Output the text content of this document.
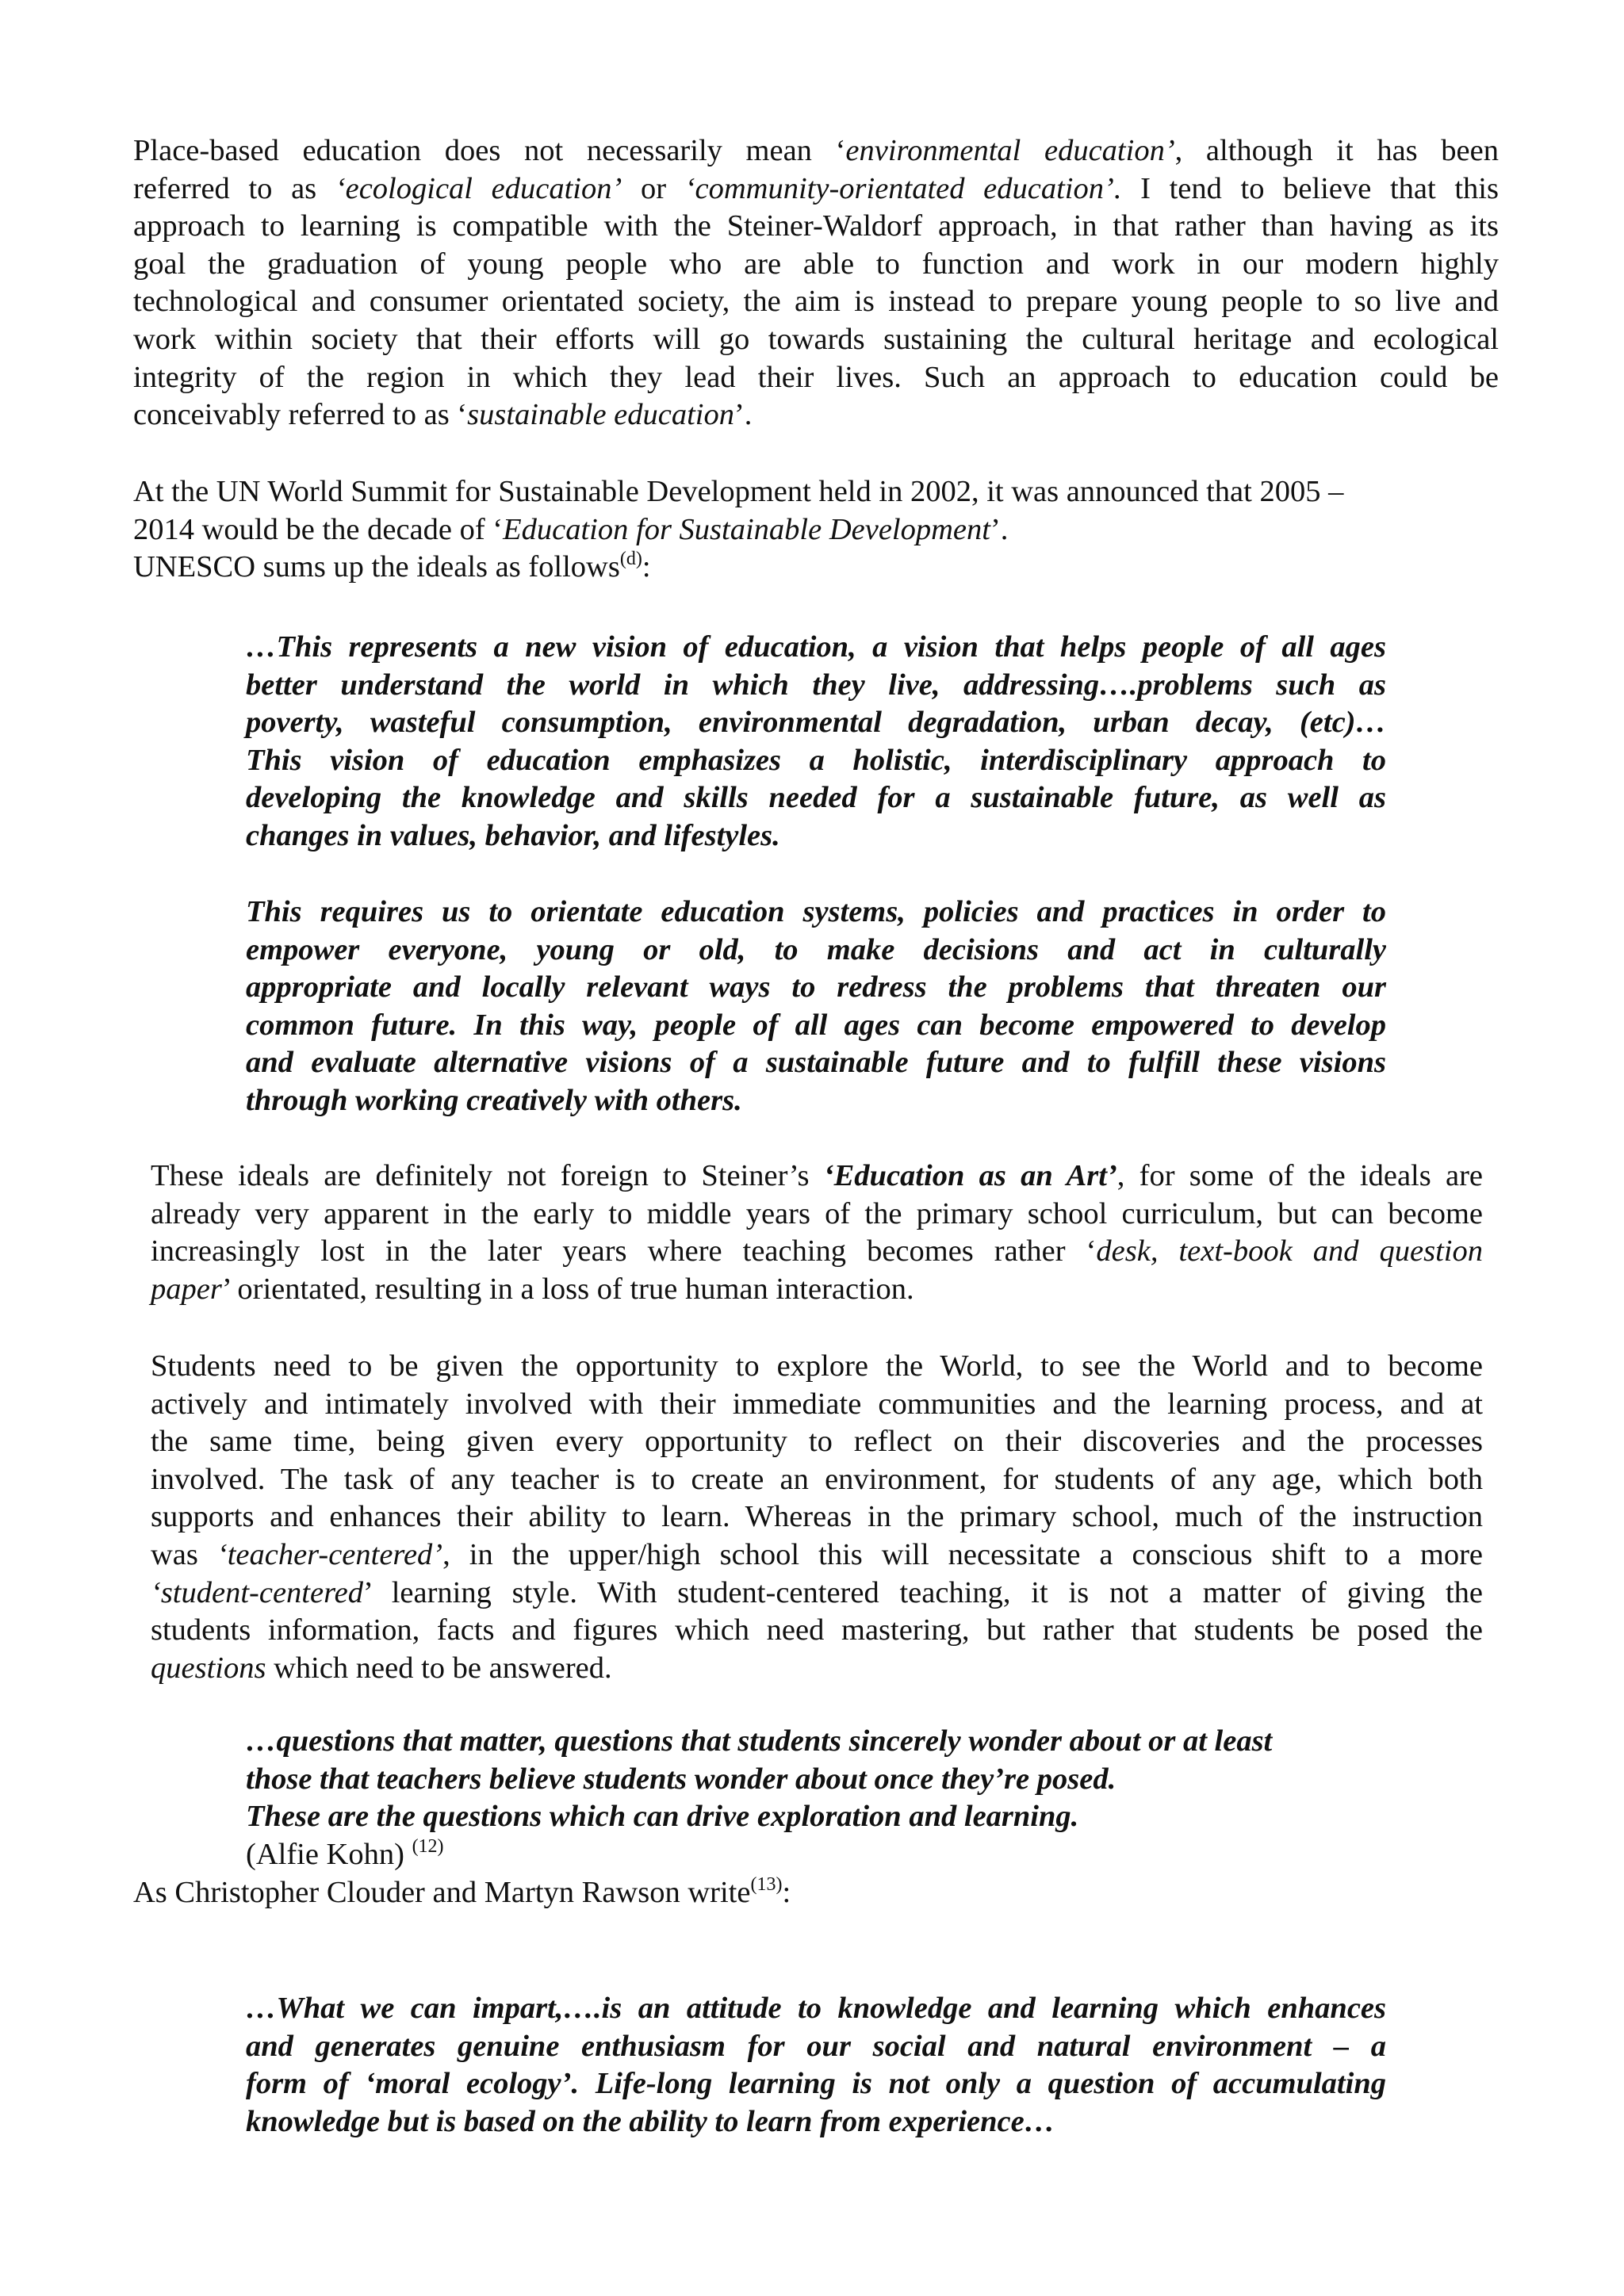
Place-based education does not necessarily mean ‘environmental education’, although it has been
referred to as ‘ecological education’ or ‘community-orientated education’. I tend to believe that this
approach to learning is compatible with the Steiner-Waldorf approach, in that rather than having as its
goal the graduation of young people who are able to function and work in our modern highly
technological and consumer orientated society, the aim is instead to prepare young people to so live and
work within society that their efforts will go towards sustaining the cultural heritage and ecological
integrity of the region in which they lead their lives. Such an approach to education could be
conceivably referred to as ‘sustainable education’.
At the UN World Summit for Sustainable Development held in 2002, it was announced that 2005 –
2014 would be the decade of ‘Education for Sustainable Development’.
UNESCO sums up the ideals as follows$^{(d)}$:
…This represents a new vision of education, a vision that helps people of all ages
better understand the world in which they live, addressing….problems such as
poverty, wasteful consumption, environmental degradation, urban decay, (etc)…
This vision of education emphasizes a holistic, interdisciplinary approach to
developing the knowledge and skills needed for a sustainable future, as well as
changes in values, behavior, and lifestyles.
This requires us to orientate education systems, policies and practices in order to
empower everyone, young or old, to make decisions and act in culturally
appropriate and locally relevant ways to redress the problems that threaten our
common future. In this way, people of all ages can become empowered to develop
and evaluate alternative visions of a sustainable future and to fulfill these visions
through working creatively with others.
These ideals are definitely not foreign to Steiner’s ‘Education as an Art’, for some of the ideals are
already very apparent in the early to middle years of the primary school curriculum, but can become
increasingly lost in the later years where teaching becomes rather ‘desk, text-book and question
paper’ orientated, resulting in a loss of true human interaction.
Students need to be given the opportunity to explore the World, to see the World and to become
actively and intimately involved with their immediate communities and the learning process, and at
the same time, being given every opportunity to reflect on their discoveries and the processes
involved. The task of any teacher is to create an environment, for students of any age, which both
supports and enhances their ability to learn. Whereas in the primary school, much of the instruction
was ‘teacher-centered’, in the upper/high school this will necessitate a conscious shift to a more
‘student-centered’ learning style. With student-centered teaching, it is not a matter of giving the
students information, facts and figures which need mastering, but rather that students be posed the
questions which need to be answered.
…questions that matter, questions that students sincerely wonder about or at least
those that teachers believe students wonder about once they’re posed.
These are the questions which can drive exploration and learning.
(Alfie Kohn) $^{(12)}$
As Christopher Clouder and Martyn Rawson write$^{(13)}$:
…What we can impart,….is an attitude to knowledge and learning which enhances
and generates genuine enthusiasm for our social and natural environment – a
form of ‘moral ecology’. Life-long learning is not only a question of accumulating
knowledge but is based on the ability to learn from experience…
